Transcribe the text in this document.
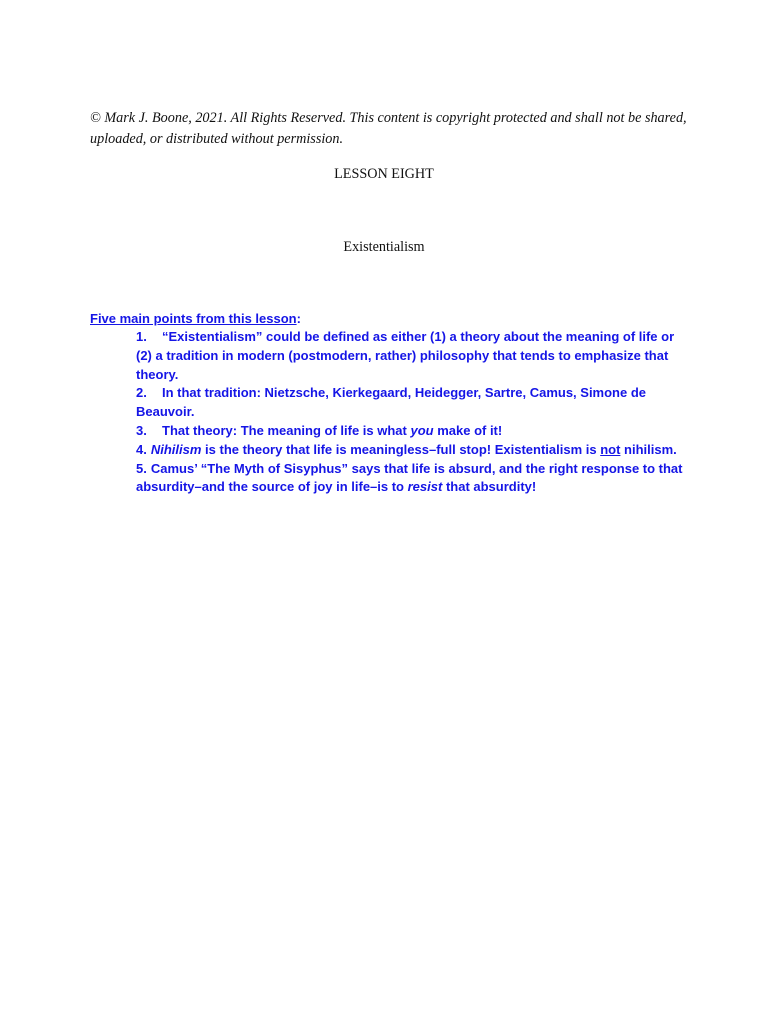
© Mark J. Boone, 2021. All Rights Reserved. This content is copyright protected and shall not be shared, uploaded, or distributed without permission.
LESSON EIGHT
Existentialism
Five main points from this lesson:
1. “Existentialism” could be defined as either (1) a theory about the meaning of life or (2) a tradition in modern (postmodern, rather) philosophy that tends to emphasize that theory.
2. In that tradition: Nietzsche, Kierkegaard, Heidegger, Sartre, Camus, Simone de Beauvoir.
3. That theory: The meaning of life is what you make of it!
4. Nihilism is the theory that life is meaningless–full stop! Existentialism is not nihilism.
5. Camus’ “The Myth of Sisyphus” says that life is absurd, and the right response to that absurdity–and the source of joy in life–is to resist that absurdity!
